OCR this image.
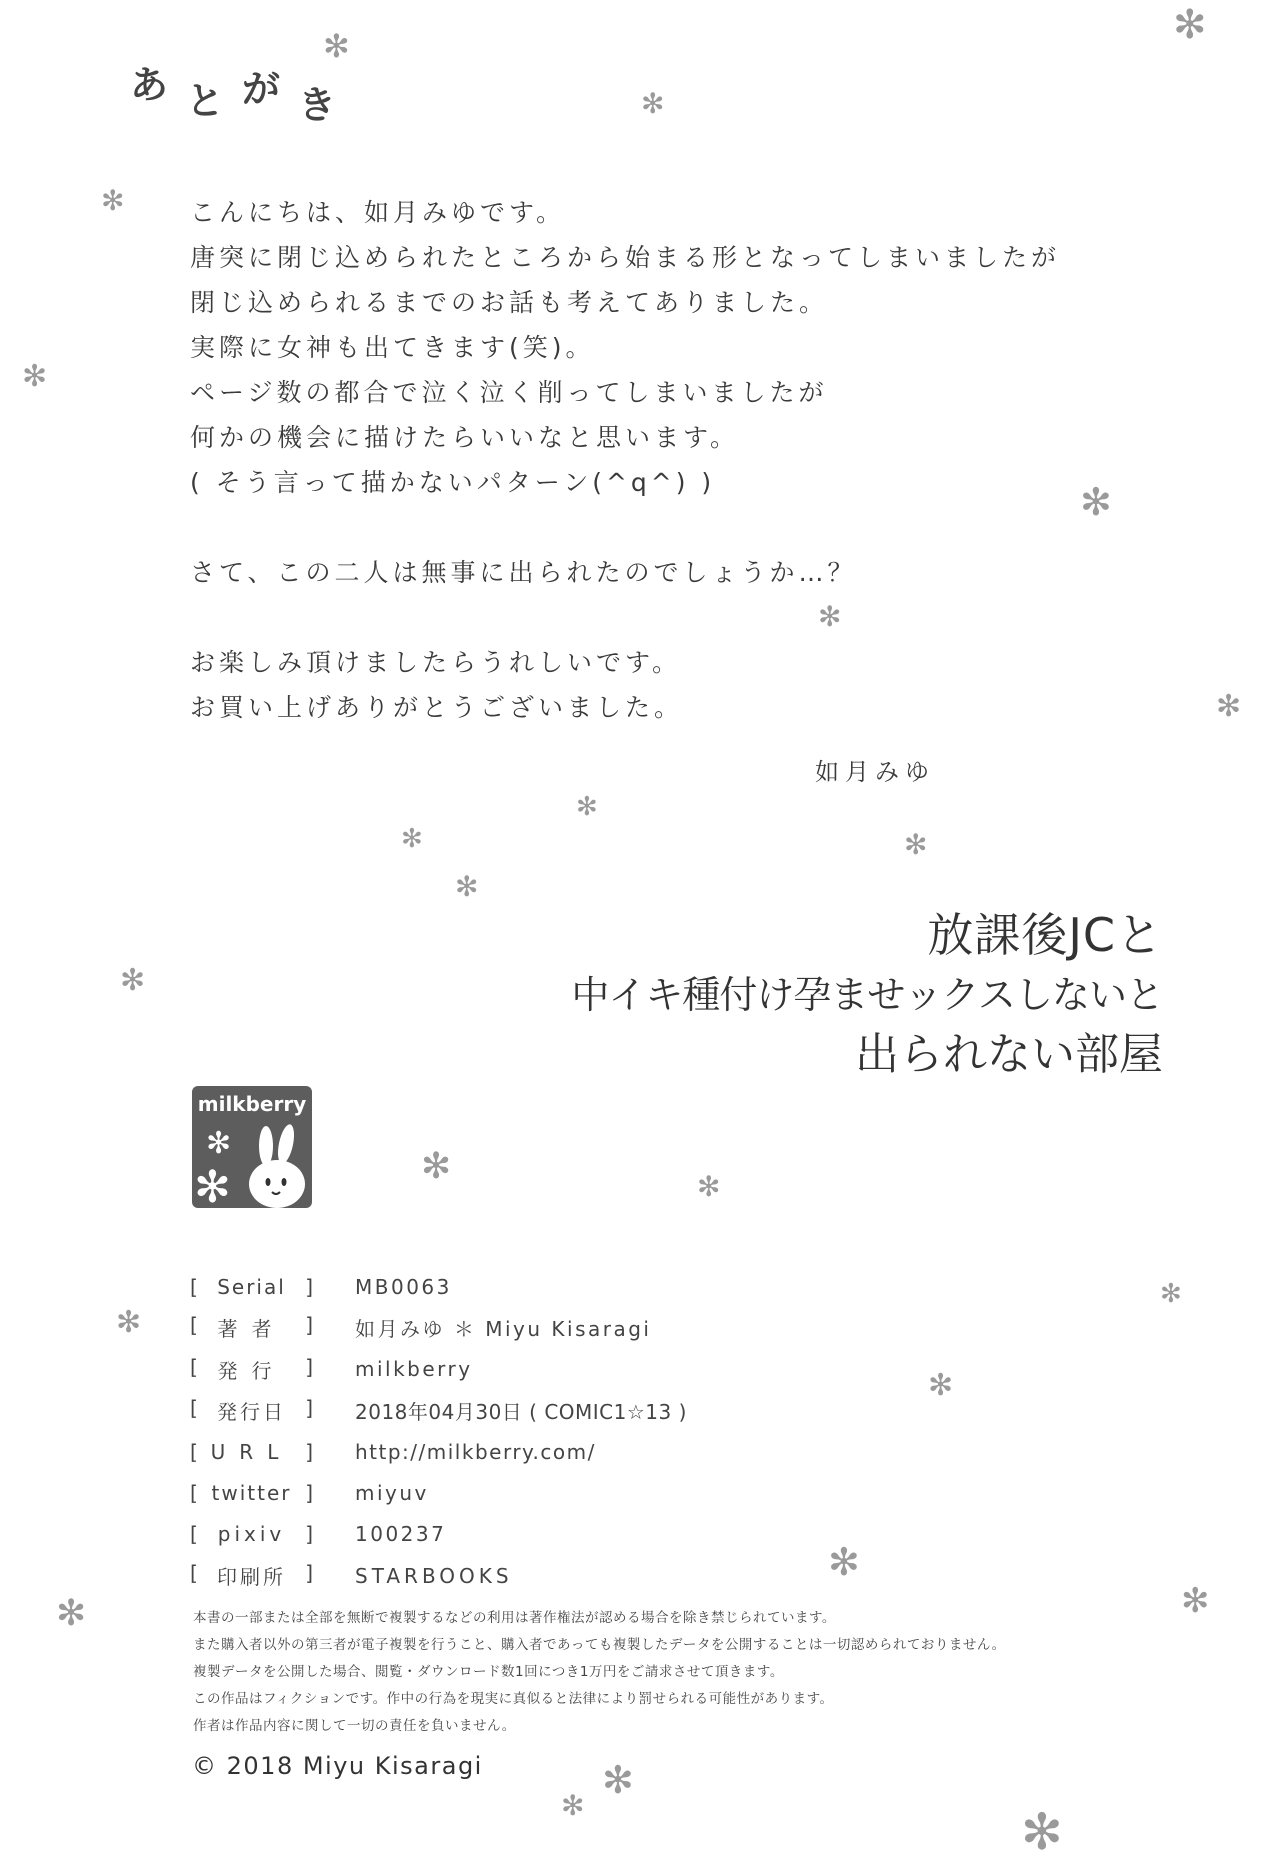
あ と が き
こんにちは、如月みゆです。
唐突に閉じ込められたところから始まる形となってしまいましたが
閉じ込められるまでのお話も考えてありました。
実際に女神も出てきます(笑)。
ページ数の都合で泣く泣く削ってしまいましたが
何かの機会に描けたらいいなと思います。
( そう言って描かないパターン(^q^) )
さて、この二人は無事に出られたのでしょうか…？
お楽しみ頂けましたらうれしいです。
お買い上げありがとうございました。
如月みゆ
放課後JCと
中イキ種付け孕ませックスしないと
出られない部屋
milkberry
✻
✻
[ Serial ] MB0063
[ 著者 ] 如月みゆ ＊ Miyu Kisaragi
[ 発行 ] milkberry
[ 発行日 ] 2018年04月30日 ( COMIC1☆13 )
[ URL ] http://milkberry.com/
[ twitter ] miyuv
[ pixiv ] 100237
[ 印刷所 ] STARBOOKS
本書の一部または全部を無断で複製するなどの利用は著作権法が認める場合を除き禁じられています。
また購入者以外の第三者が電子複製を行うこと、購入者であっても複製したデータを公開することは一切認められておりません。
複製データを公開した場合、閲覧・ダウンロード数1回につき1万円をご請求させて頂きます。
この作品はフィクションです。作中の行為を現実に真似ると法律により罰せられる可能性があります。
作者は作品内容に関して一切の責任を負いません。
© 2018 Miyu Kisaragi
✻	✻
✻
✻
✻
✻
✻
✻
✻
✻	✻
✻
✻
✻	✻
✻
✻
✻
✻
✻
✻
✻
✻	✻
